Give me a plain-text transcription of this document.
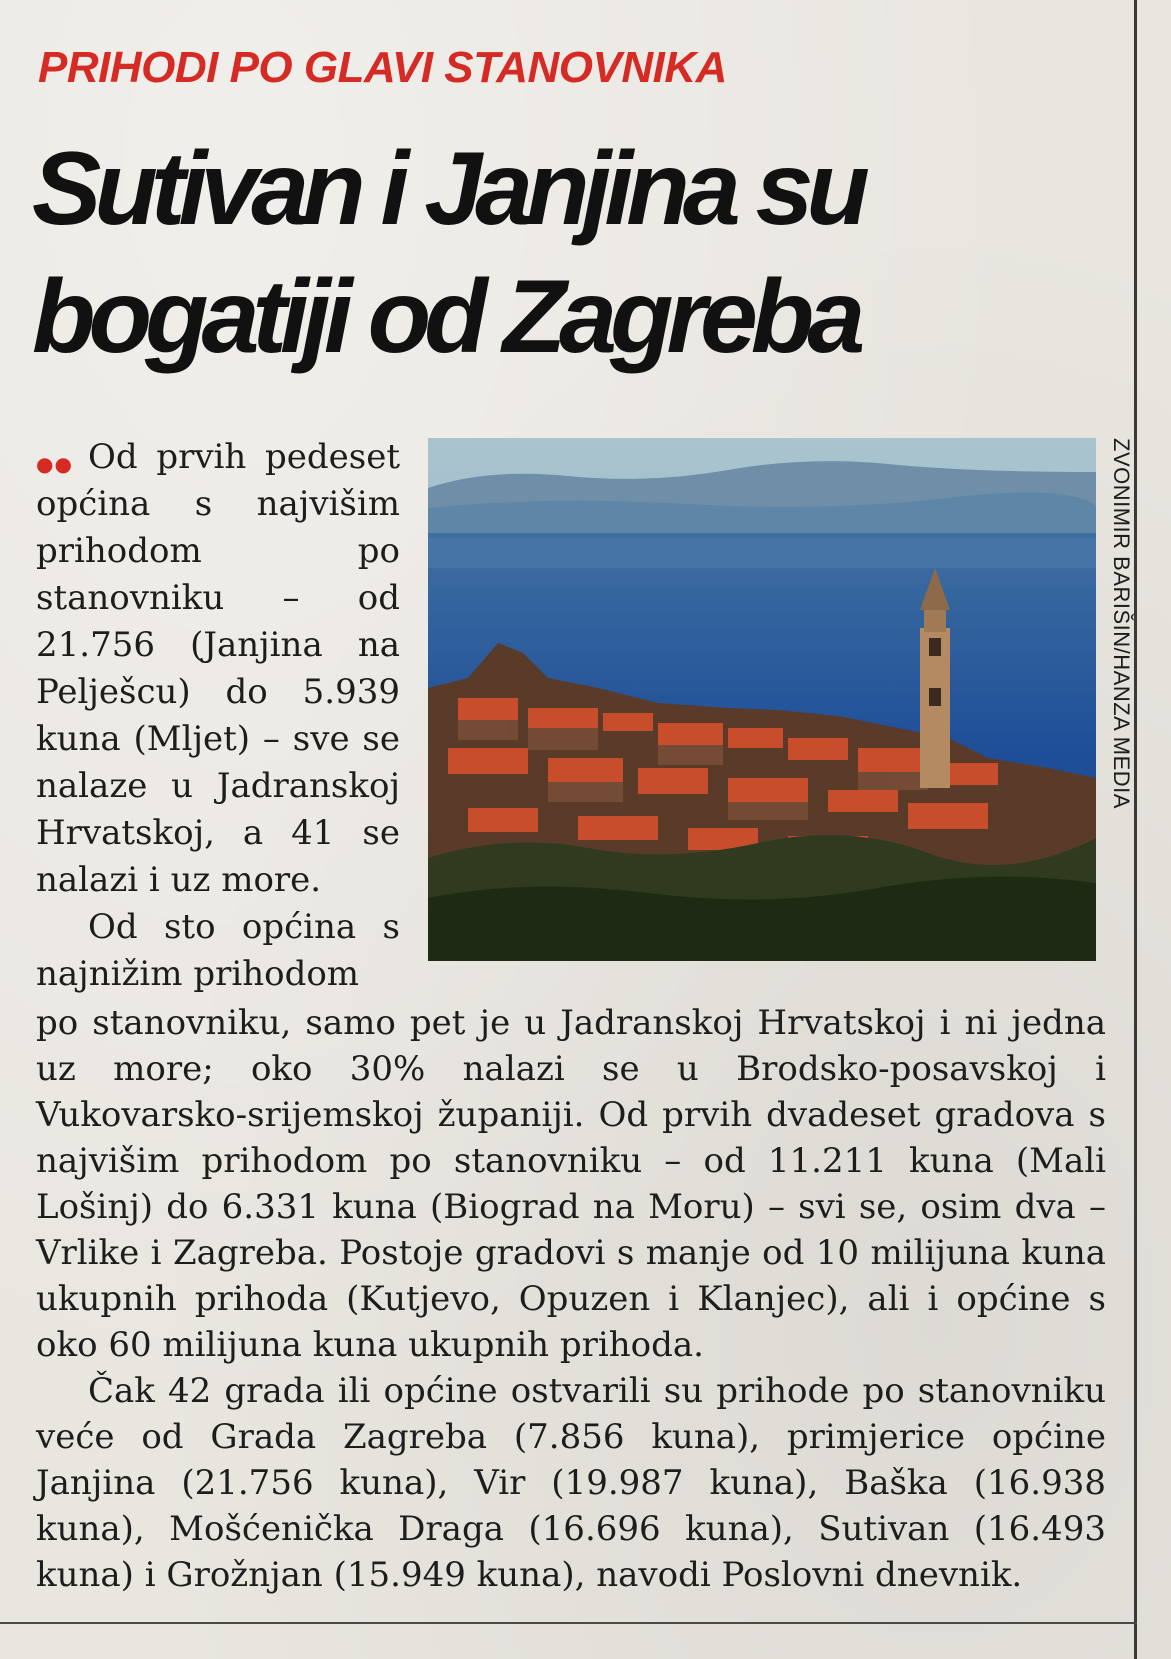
PRIHODI PO GLAVI STANOVNIKA
Sutivan i Janjina su
bogatiji od Zagreba
●● Od prvih pedeset općina s najvišim prihodom po stanovniku – od 21.756 (Janjina na Pelješcu) do 5.939 kuna (Mljet) – sve se nalaze u Jadranskoj Hrvatskoj, a 41 se nalazi i uz more.

Od sto općina s najnižim prihodom

ZVONIMIR BARIŠIN/HANZA MEDIA

po stanovniku, samo pet je u Jadranskoj Hrvatskoj i ni jedna uz more; oko 30% nalazi se u Brodsko-posavskoj i Vukovarsko-srijemskoj županiji. Od prvih dvadeset gradova s najvišim prihodom po stanovniku – od 11.211 kuna (Mali Lošinj) do 6.331 kuna (Biograd na Moru) – svi se, osim dva – Vrlike i Zagreba. Postoje gradovi s manje od 10 milijuna kuna ukupnih prihoda (Kutjevo, Opuzen i Klanjec), ali i općine s oko 60 milijuna kuna ukupnih prihoda.

Čak 42 grada ili općine ostvarili su prihode po stanovniku veće od Grada Zagreba (7.856 kuna), primjerice općine Janjina (21.756 kuna), Vir (19.987 kuna), Baška (16.938 kuna), Mošćenička Draga (16.696 kuna), Sutivan (16.493 kuna) i Grožnjan (15.949 kuna), navodi Poslovni dnevnik.
